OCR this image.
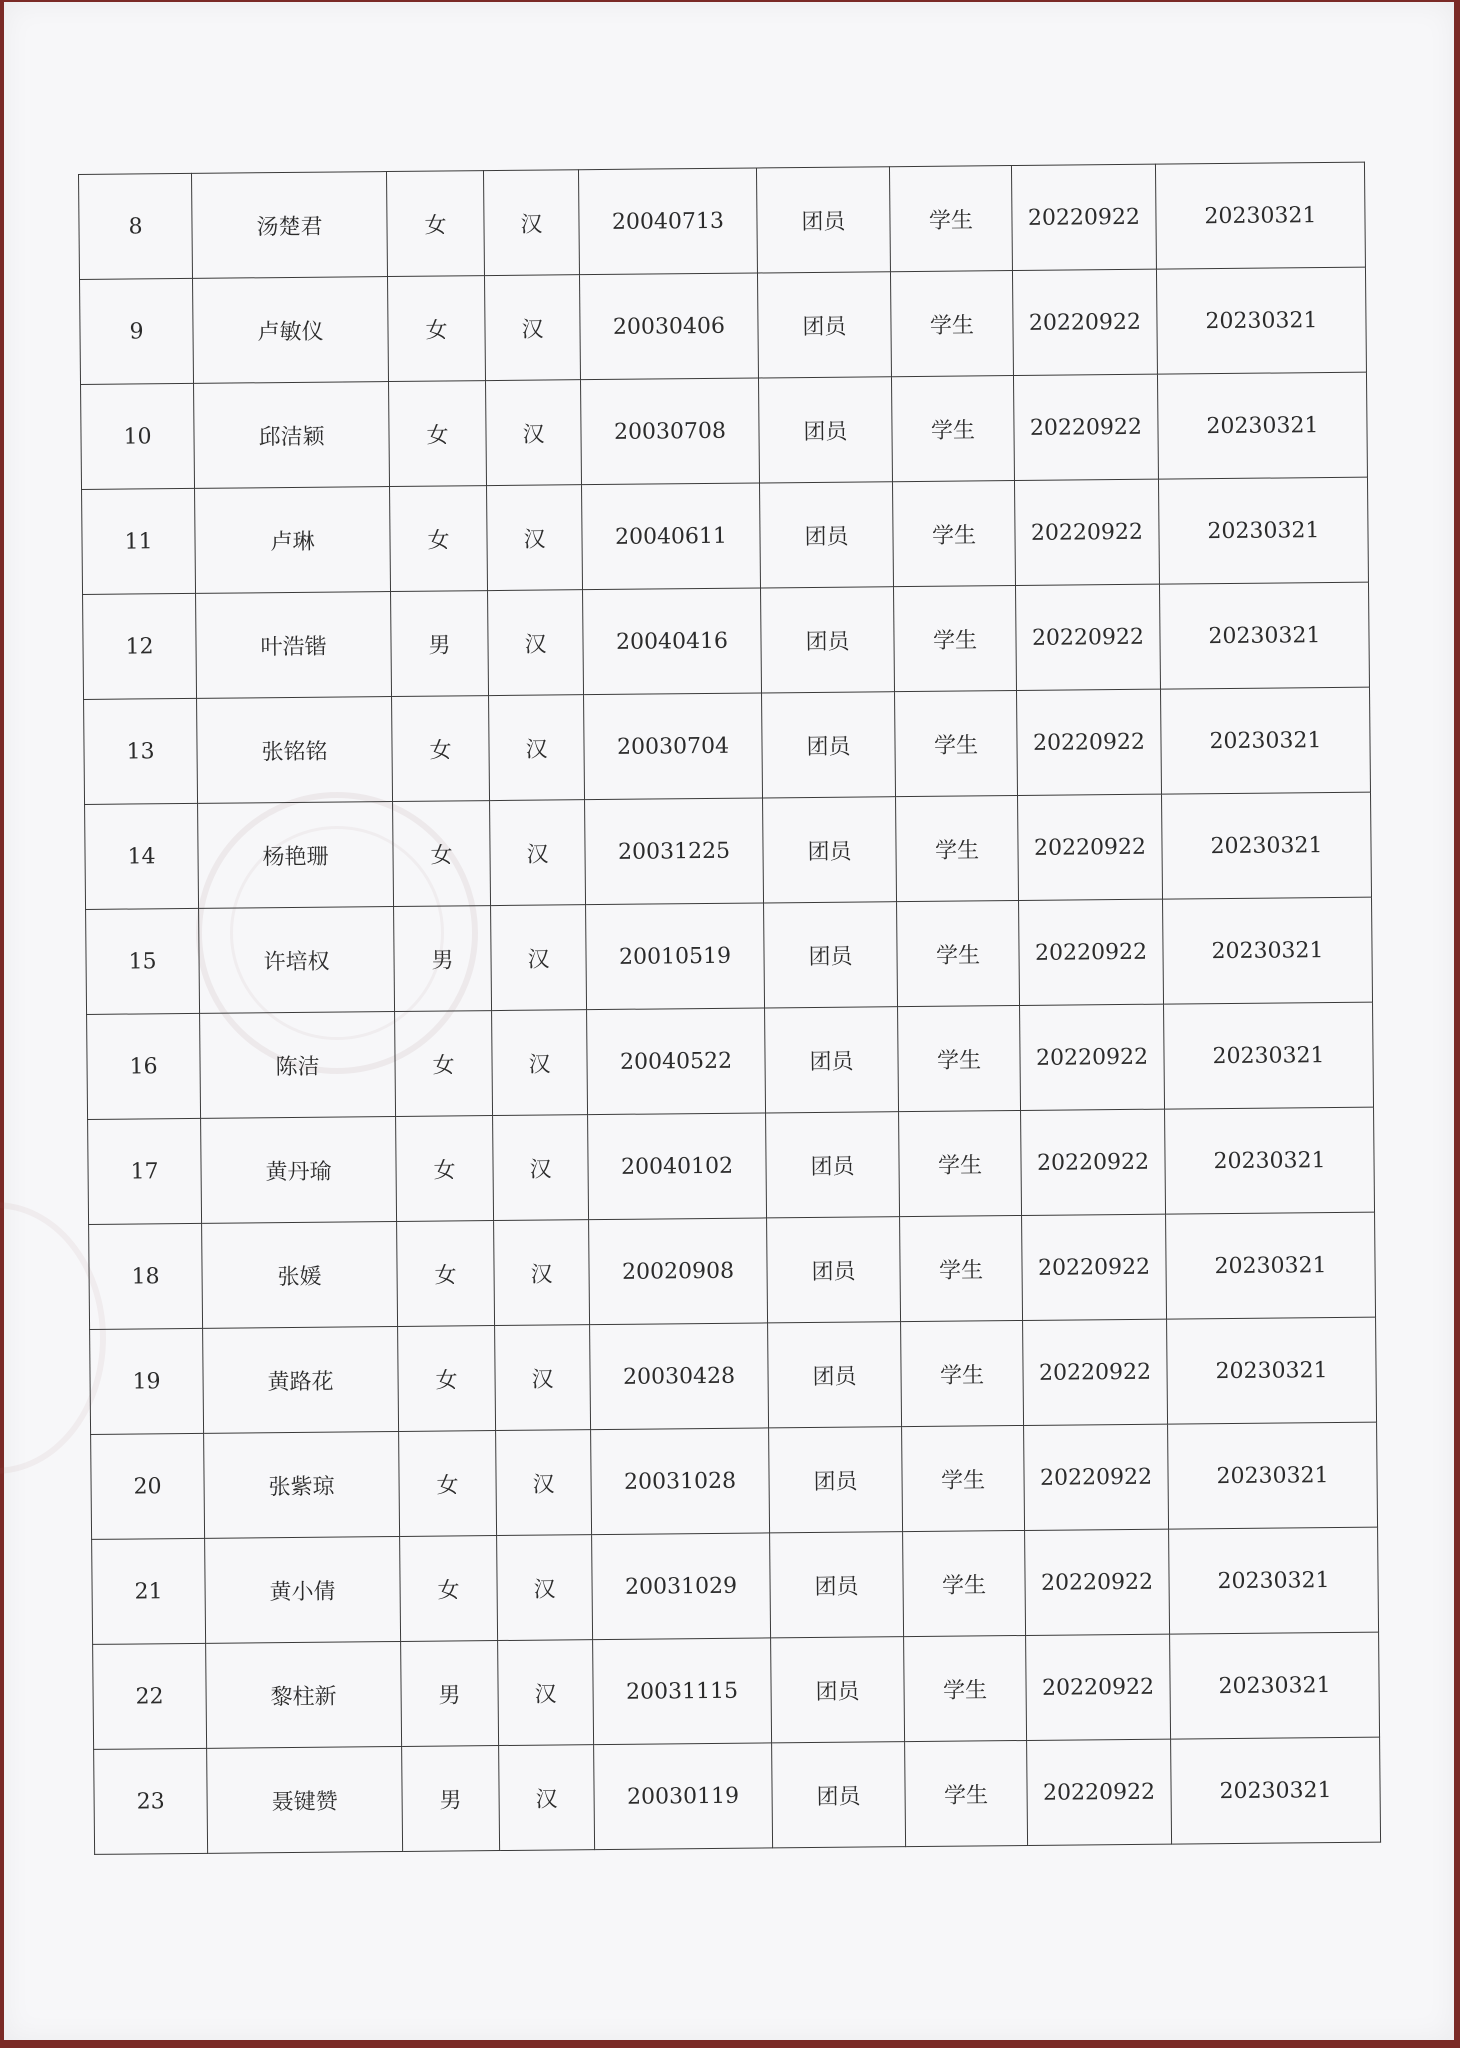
8	汤楚君	女	汉	20040713	团员	学生	20220922	20230321
9	卢敏仪	女	汉	20030406	团员	学生	20220922	20230321
10	邱洁颖	女	汉	20030708	团员	学生	20220922	20230321
11	卢琳	女	汉	20040611	团员	学生	20220922	20230321
12	叶浩锴	男	汉	20040416	团员	学生	20220922	20230321
13	张铭铭	女	汉	20030704	团员	学生	20220922	20230321
14	杨艳珊	女	汉	20031225	团员	学生	20220922	20230321
15	许培权	男	汉	20010519	团员	学生	20220922	20230321
16	陈洁	女	汉	20040522	团员	学生	20220922	20230321
17	黄丹瑜	女	汉	20040102	团员	学生	20220922	20230321
18	张媛	女	汉	20020908	团员	学生	20220922	20230321
19	黄路花	女	汉	20030428	团员	学生	20220922	20230321
20	张紫琼	女	汉	20031028	团员	学生	20220922	20230321
21	黄小倩	女	汉	20031029	团员	学生	20220922	20230321
22	黎柱新	男	汉	20031115	团员	学生	20220922	20230321
23	聂键赞	男	汉	20030119	团员	学生	20220922	20230321
